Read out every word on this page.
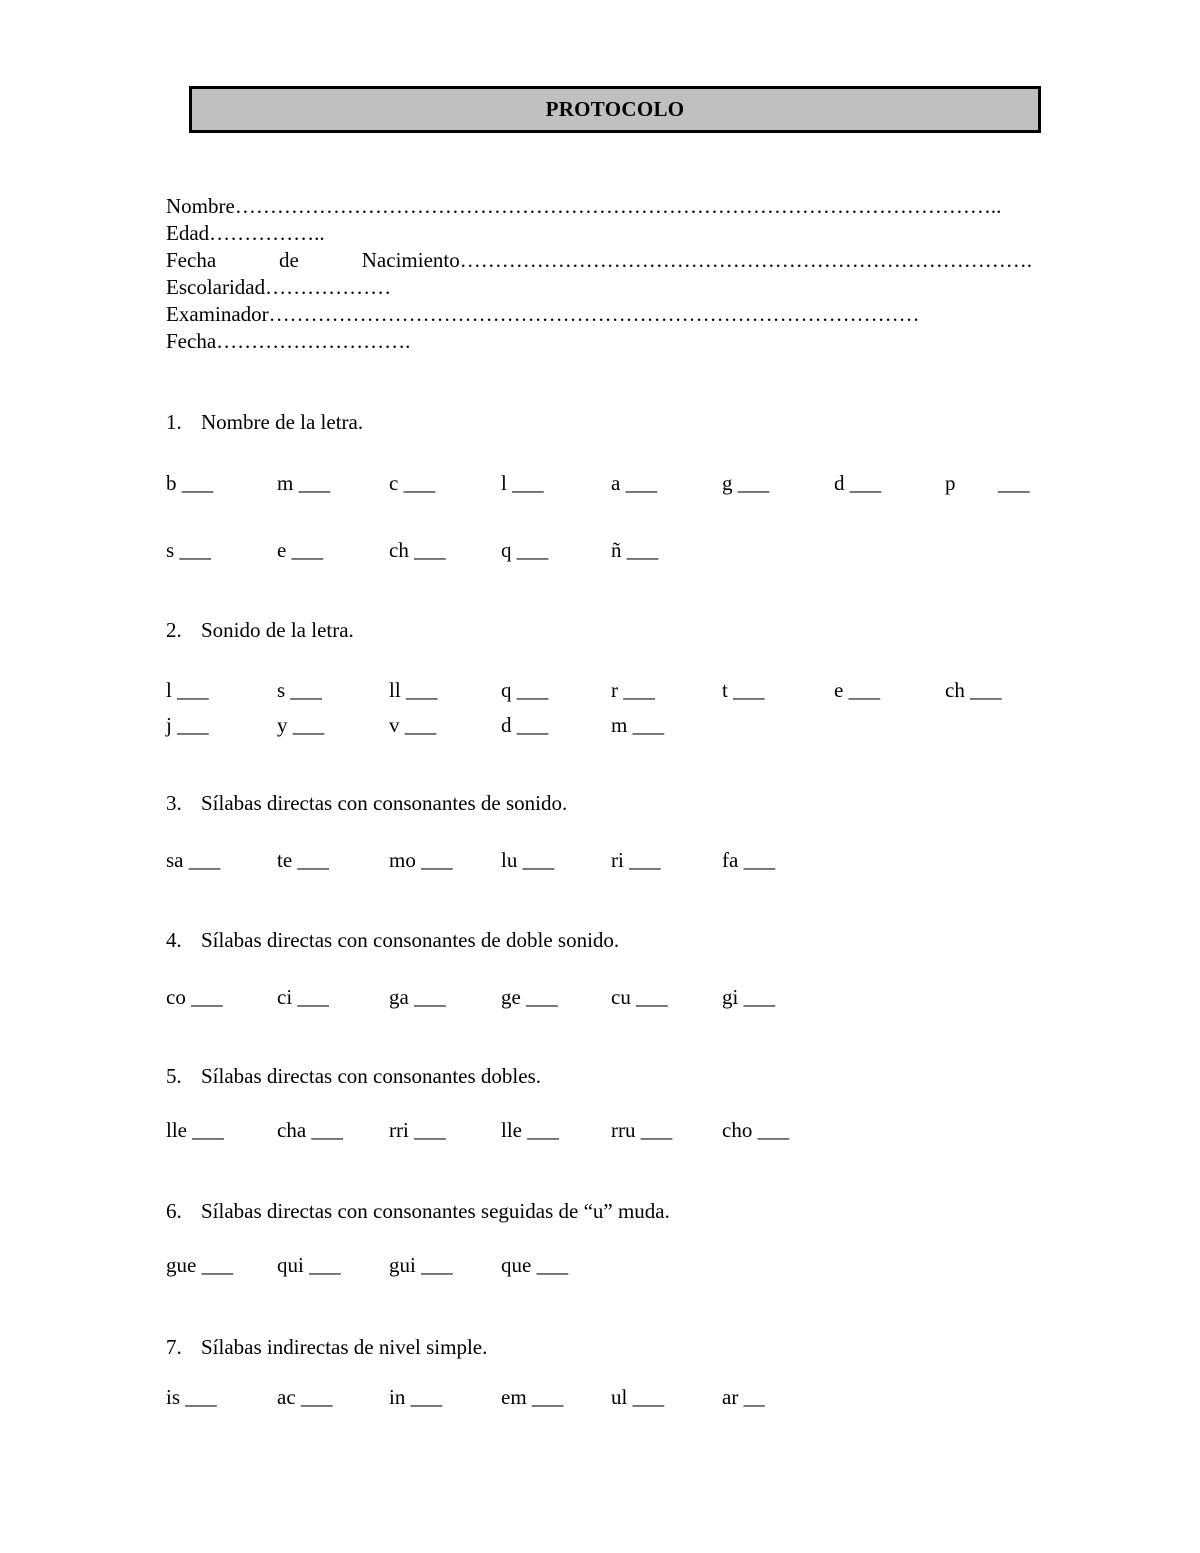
PROTOCOLO
Nombre………………………………………………………………………………………………..
Edad……………..
Fecha	de	Nacimiento……………………………………………………………………….
Escolaridad………………
Examinador…………………………………………………………………………………
Fecha……………………….
1. Nombre de la letra.
b ___	m ___	c ___	l ___	a ___	g ___	d ___	p ___
s ___	e ___	ch ___	q ___	ñ ___
2. Sonido de la letra.
l ___	s ___	ll ___	q ___	r ___	t ___	e ___	ch ___
j ___	y ___	v ___	d ___	m ___
3. Sílabas directas con consonantes de sonido.
sa ___	te ___	mo ___ lu ___	ri ___	fa ___
4. Sílabas directas con consonantes de doble sonido.
co ___	ci ___	ga ___	ge ___	cu ___	gi ___
5. Sílabas directas con consonantes dobles.
lle ___	cha ___ rri ___	lle ___ rru ___ cho ___
6. Sílabas directas con consonantes seguidas de “u” muda.
gue ___ qui ___ gui ___ que ___
7. Sílabas indirectas de nivel simple.
is ___	ac ___	in ___	em ___ ul ___	ar __
